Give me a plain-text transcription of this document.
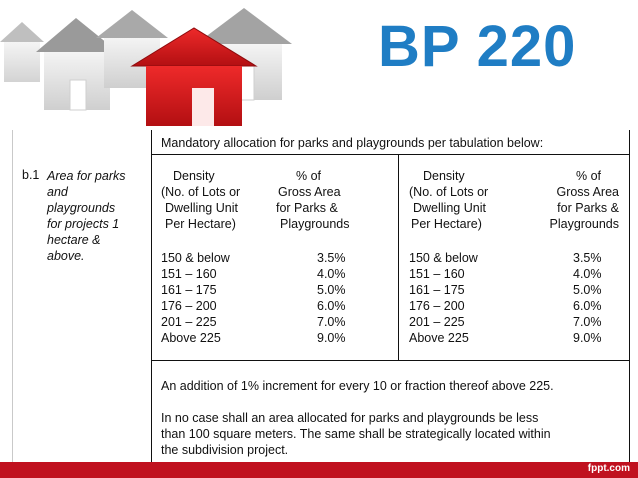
BP 220
b.1 Area for parks
and
playgrounds
for projects 1
hectare &
above.
Mandatory allocation for parks and playgrounds per tabulation below:
Density
(No. of Lots or
Dwelling Unit
Per Hectare)
% of
Gross Area
for Parks &
Playgrounds
Density
(No. of Lots or
Dwelling Unit
Per Hectare)
% of
Gross Area
for Parks &
Playgrounds
150 & below	3.5%
151 – 160	4.0%
161 – 175	5.0%
176 – 200	6.0%
201 – 225	7.0%
Above 225	9.0%
150 & below	3.5%
151 – 160	4.0%
161 – 175	5.0%
176 – 200	6.0%
201 – 225	7.0%
Above 225	9.0%
An addition of 1% increment for every 10 or fraction thereof above 225.
In no case shall an area allocated for parks and playgrounds be less
than 100 square meters. The same shall be strategically located within
the subdivision project.
fppt.com
